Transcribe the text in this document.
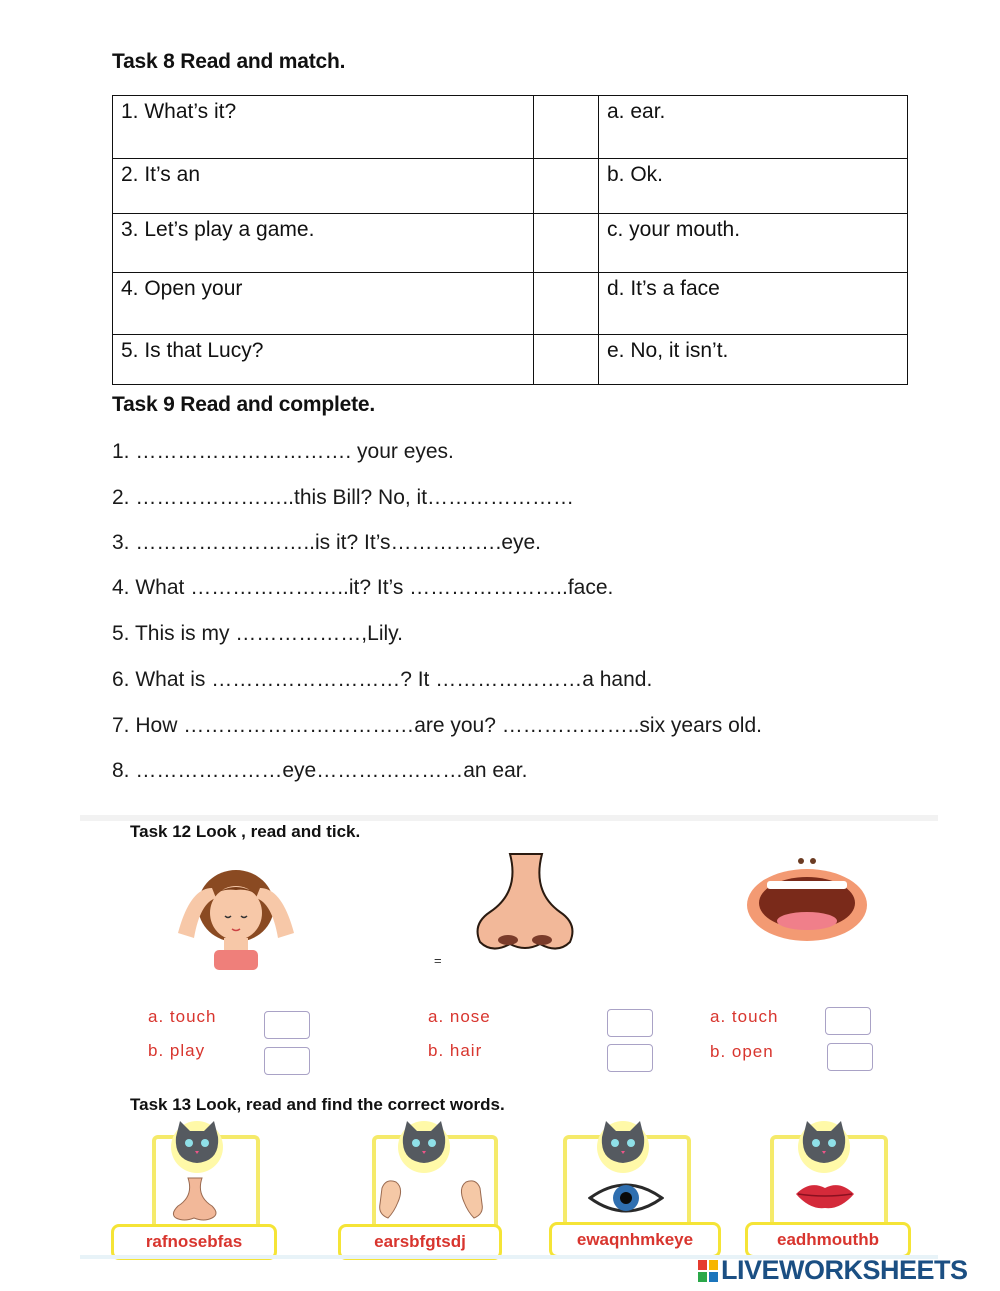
Task 8 Read and match.
1. What’s it?		a. ear.
2. It’s an		b. Ok.
3. Let’s play a game.		c. your mouth.
4. Open your		d. It’s a face
5. Is that Lucy?		e. No, it isn’t.
Task 9 Read and complete.
1. …………………………. your eyes.
2. …………………..this Bill? No, it…………………
3. ……………………..is it? It’s…………….eye.
4. What …………………..it? It’s …………………..face.
5. This is my ………………,Lily.
6. What is ………………………? It …………………a hand.
7. How ……………………………are you? ………………..six years old.
8. …………………eye…………………an ear.
Task 12 Look , read and tick.
=
a. touch
b. play
a. nose
b. hair
a. touch
b. open
Task 13 Look, read and find the correct words.
rafnosebfas	earsbfgtsdj	ewaqnhmkeye	eadhmouthb
LIVEWORKSHEETS
